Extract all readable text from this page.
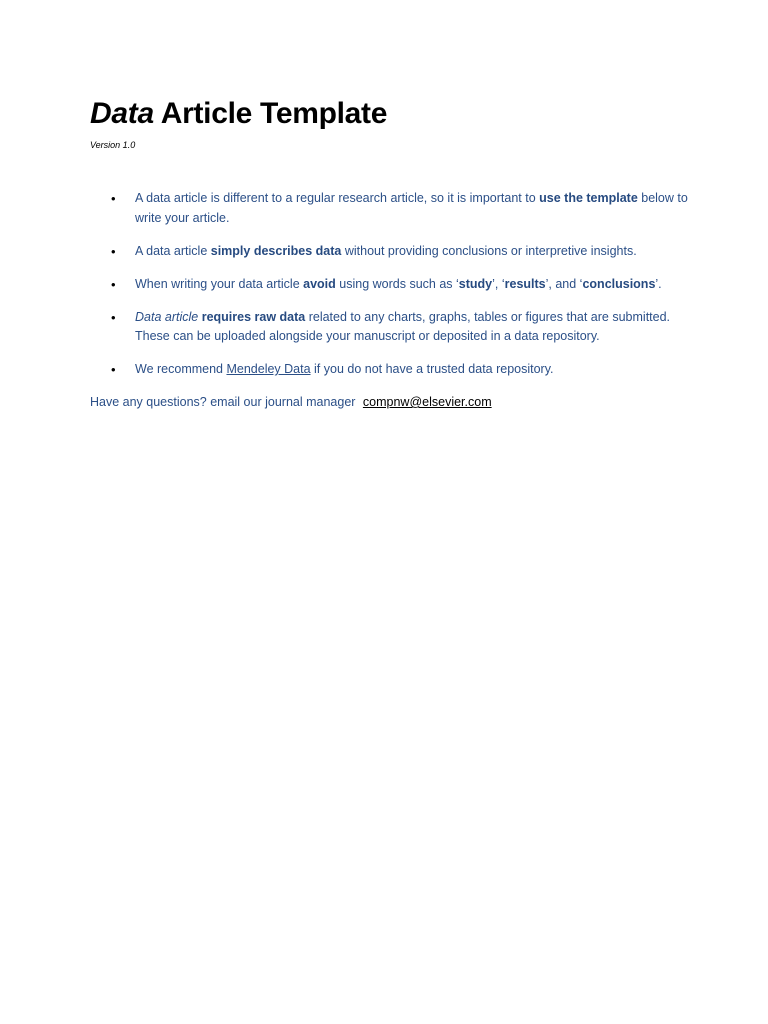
Data Article Template
Version 1.0
• A data article is different to a regular research article, so it is important to use the template below to write your article.
• A data article simply describes data without providing conclusions or interpretive insights.
• When writing your data article avoid using words such as ‘study’, ‘results’, and ‘conclusions’.
• Data article requires raw data related to any charts, graphs, tables or figures that are submitted. These can be uploaded alongside your manuscript or deposited in a data repository.
• We recommend Mendeley Data if you do not have a trusted data repository.
Have any questions? email our journal manager compnw@elsevier.com
